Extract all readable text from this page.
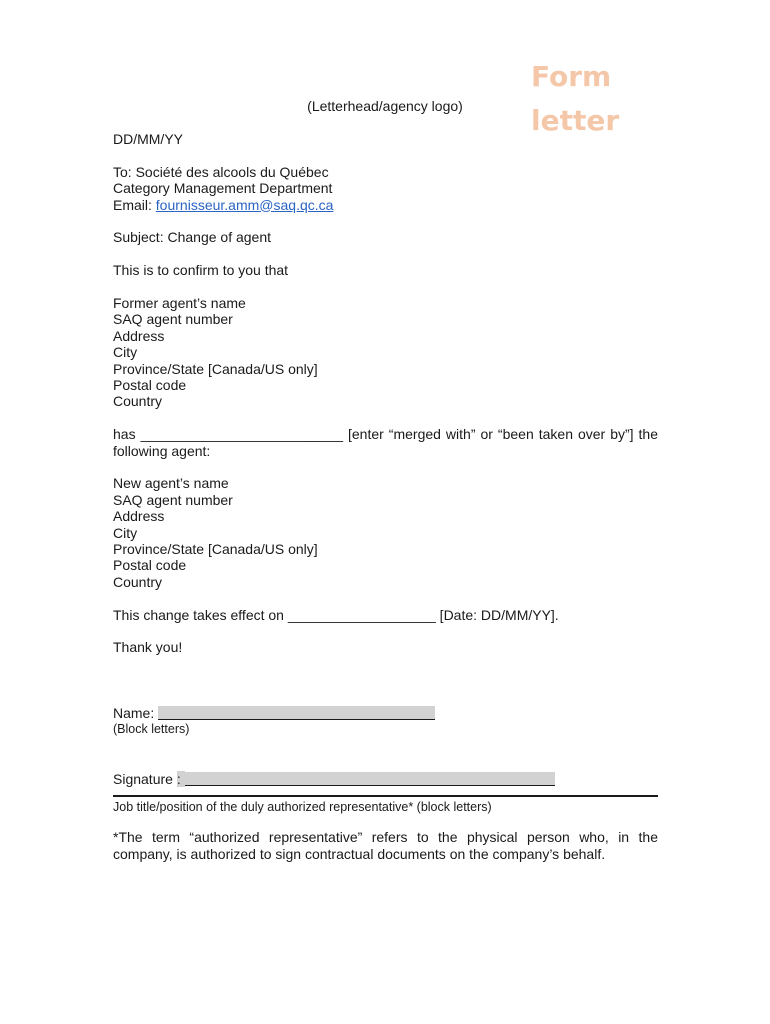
Form
letter
(Letterhead/agency logo)
DD/MM/YY
To: Société des alcools du Québec
Category Management Department
Email: fournisseur.amm@saq.qc.ca
Subject: Change of agent
This is to confirm to you that
Former agent’s name
SAQ agent number
Address
City
Province/State [Canada/US only]
Postal code
Country
has __________________________ [enter “merged with” or “been taken over by”] the following agent:
New agent’s name
SAQ agent number
Address
City
Province/State [Canada/US only]
Postal code
Country
This change takes effect on ___________________ [Date: DD/MM/YY].
Thank you!
Name:
(Block letters)
Signature :
Job title/position of the duly authorized representative* (block letters)
*The term “authorized representative” refers to the physical person who, in the company, is authorized to sign contractual documents on the company’s behalf.
